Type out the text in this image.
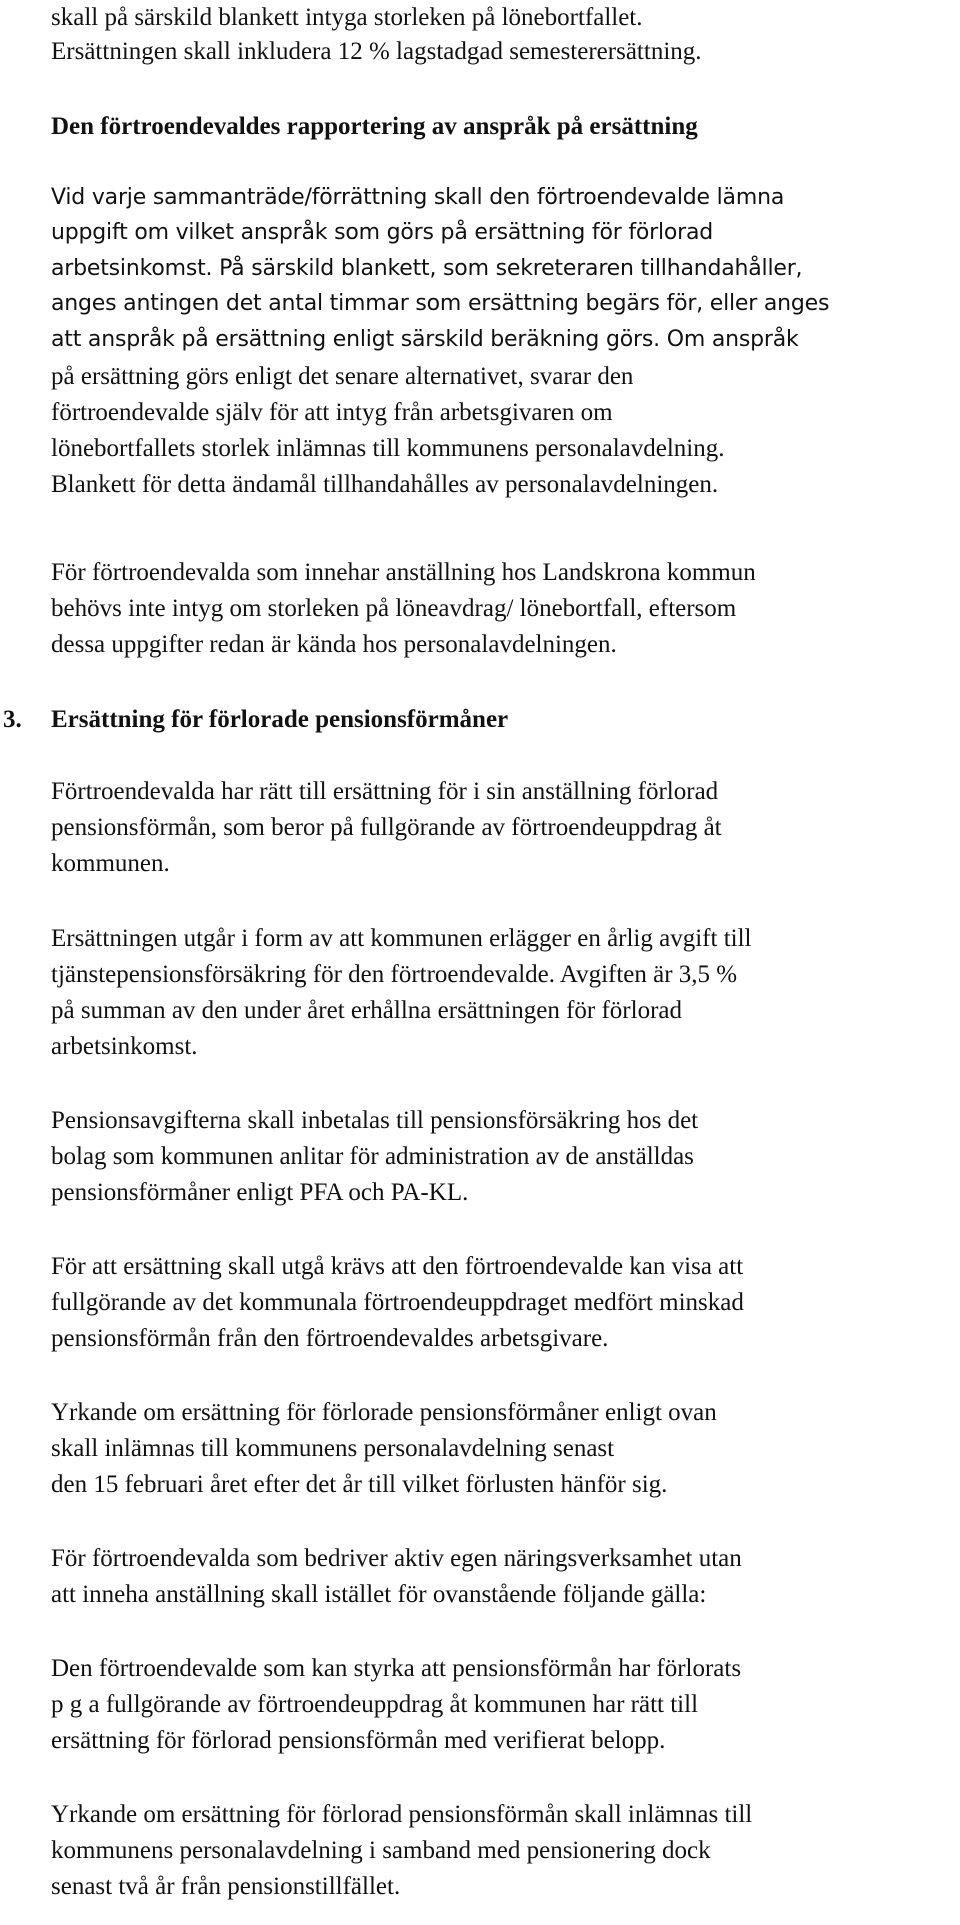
skall på särskild blankett intyga storleken på lönebortfallet.

Ersättningen skall inkludera 12 % lagstadgad semesterersättning.

Den förtroendevaldes rapportering av anspråk på ersättning

Vid varje sammanträde/förrättning skall den förtroendevalde lämna

uppgift om vilket anspråk som görs på ersättning för förlorad

arbetsinkomst. På särskild blankett, som sekreteraren tillhandahåller,

anges antingen det antal timmar som ersättning begärs för, eller anges

att anspråk på ersättning enligt särskild beräkning görs. Om anspråk

på ersättning görs enligt det senare alternativet, svarar den

förtroendevalde själv för att intyg från arbetsgivaren om

lönebortfallets storlek inlämnas till kommunens personalavdelning.

Blankett för detta ändamål tillhandahålles av personalavdelningen.

För förtroendevalda som innehar anställning hos Landskrona kommun

behövs inte intyg om storleken på löneavdrag/ lönebortfall, eftersom

dessa uppgifter redan är kända hos personalavdelningen.

3. Ersättning för förlorade pensionsförmåner

Förtroendevalda har rätt till ersättning för i sin anställning förlorad

pensionsförmån, som beror på fullgörande av förtroendeuppdrag åt

kommunen.

Ersättningen utgår i form av att kommunen erlägger en årlig avgift till

tjänstepensionsförsäkring för den förtroendevalde. Avgiften är 3,5 %

på summan av den under året erhållna ersättningen för förlorad

arbetsinkomst.

Pensionsavgifterna skall inbetalas till pensionsförsäkring hos det

bolag som kommunen anlitar för administration av de anställdas

pensionsförmåner enligt PFA och PA-KL.

För att ersättning skall utgå krävs att den förtroendevalde kan visa att

fullgörande av det kommunala förtroendeuppdraget medfört minskad

pensionsförmån från den förtroendevaldes arbetsgivare.

Yrkande om ersättning för förlorade pensionsförmåner enligt ovan

skall inlämnas till kommunens personalavdelning senast

den 15 februari året efter det år till vilket förlusten hänför sig.

För förtroendevalda som bedriver aktiv egen näringsverksamhet utan

att inneha anställning skall istället för ovanstående följande gälla:

Den förtroendevalde som kan styrka att pensionsförmån har förlorats

p g a fullgörande av förtroendeuppdrag åt kommunen har rätt till

ersättning för förlorad pensionsförmån med verifierat belopp.

Yrkande om ersättning för förlorad pensionsförmån skall inlämnas till

kommunens personalavdelning i samband med pensionering dock

senast två år från pensionstillfället.
